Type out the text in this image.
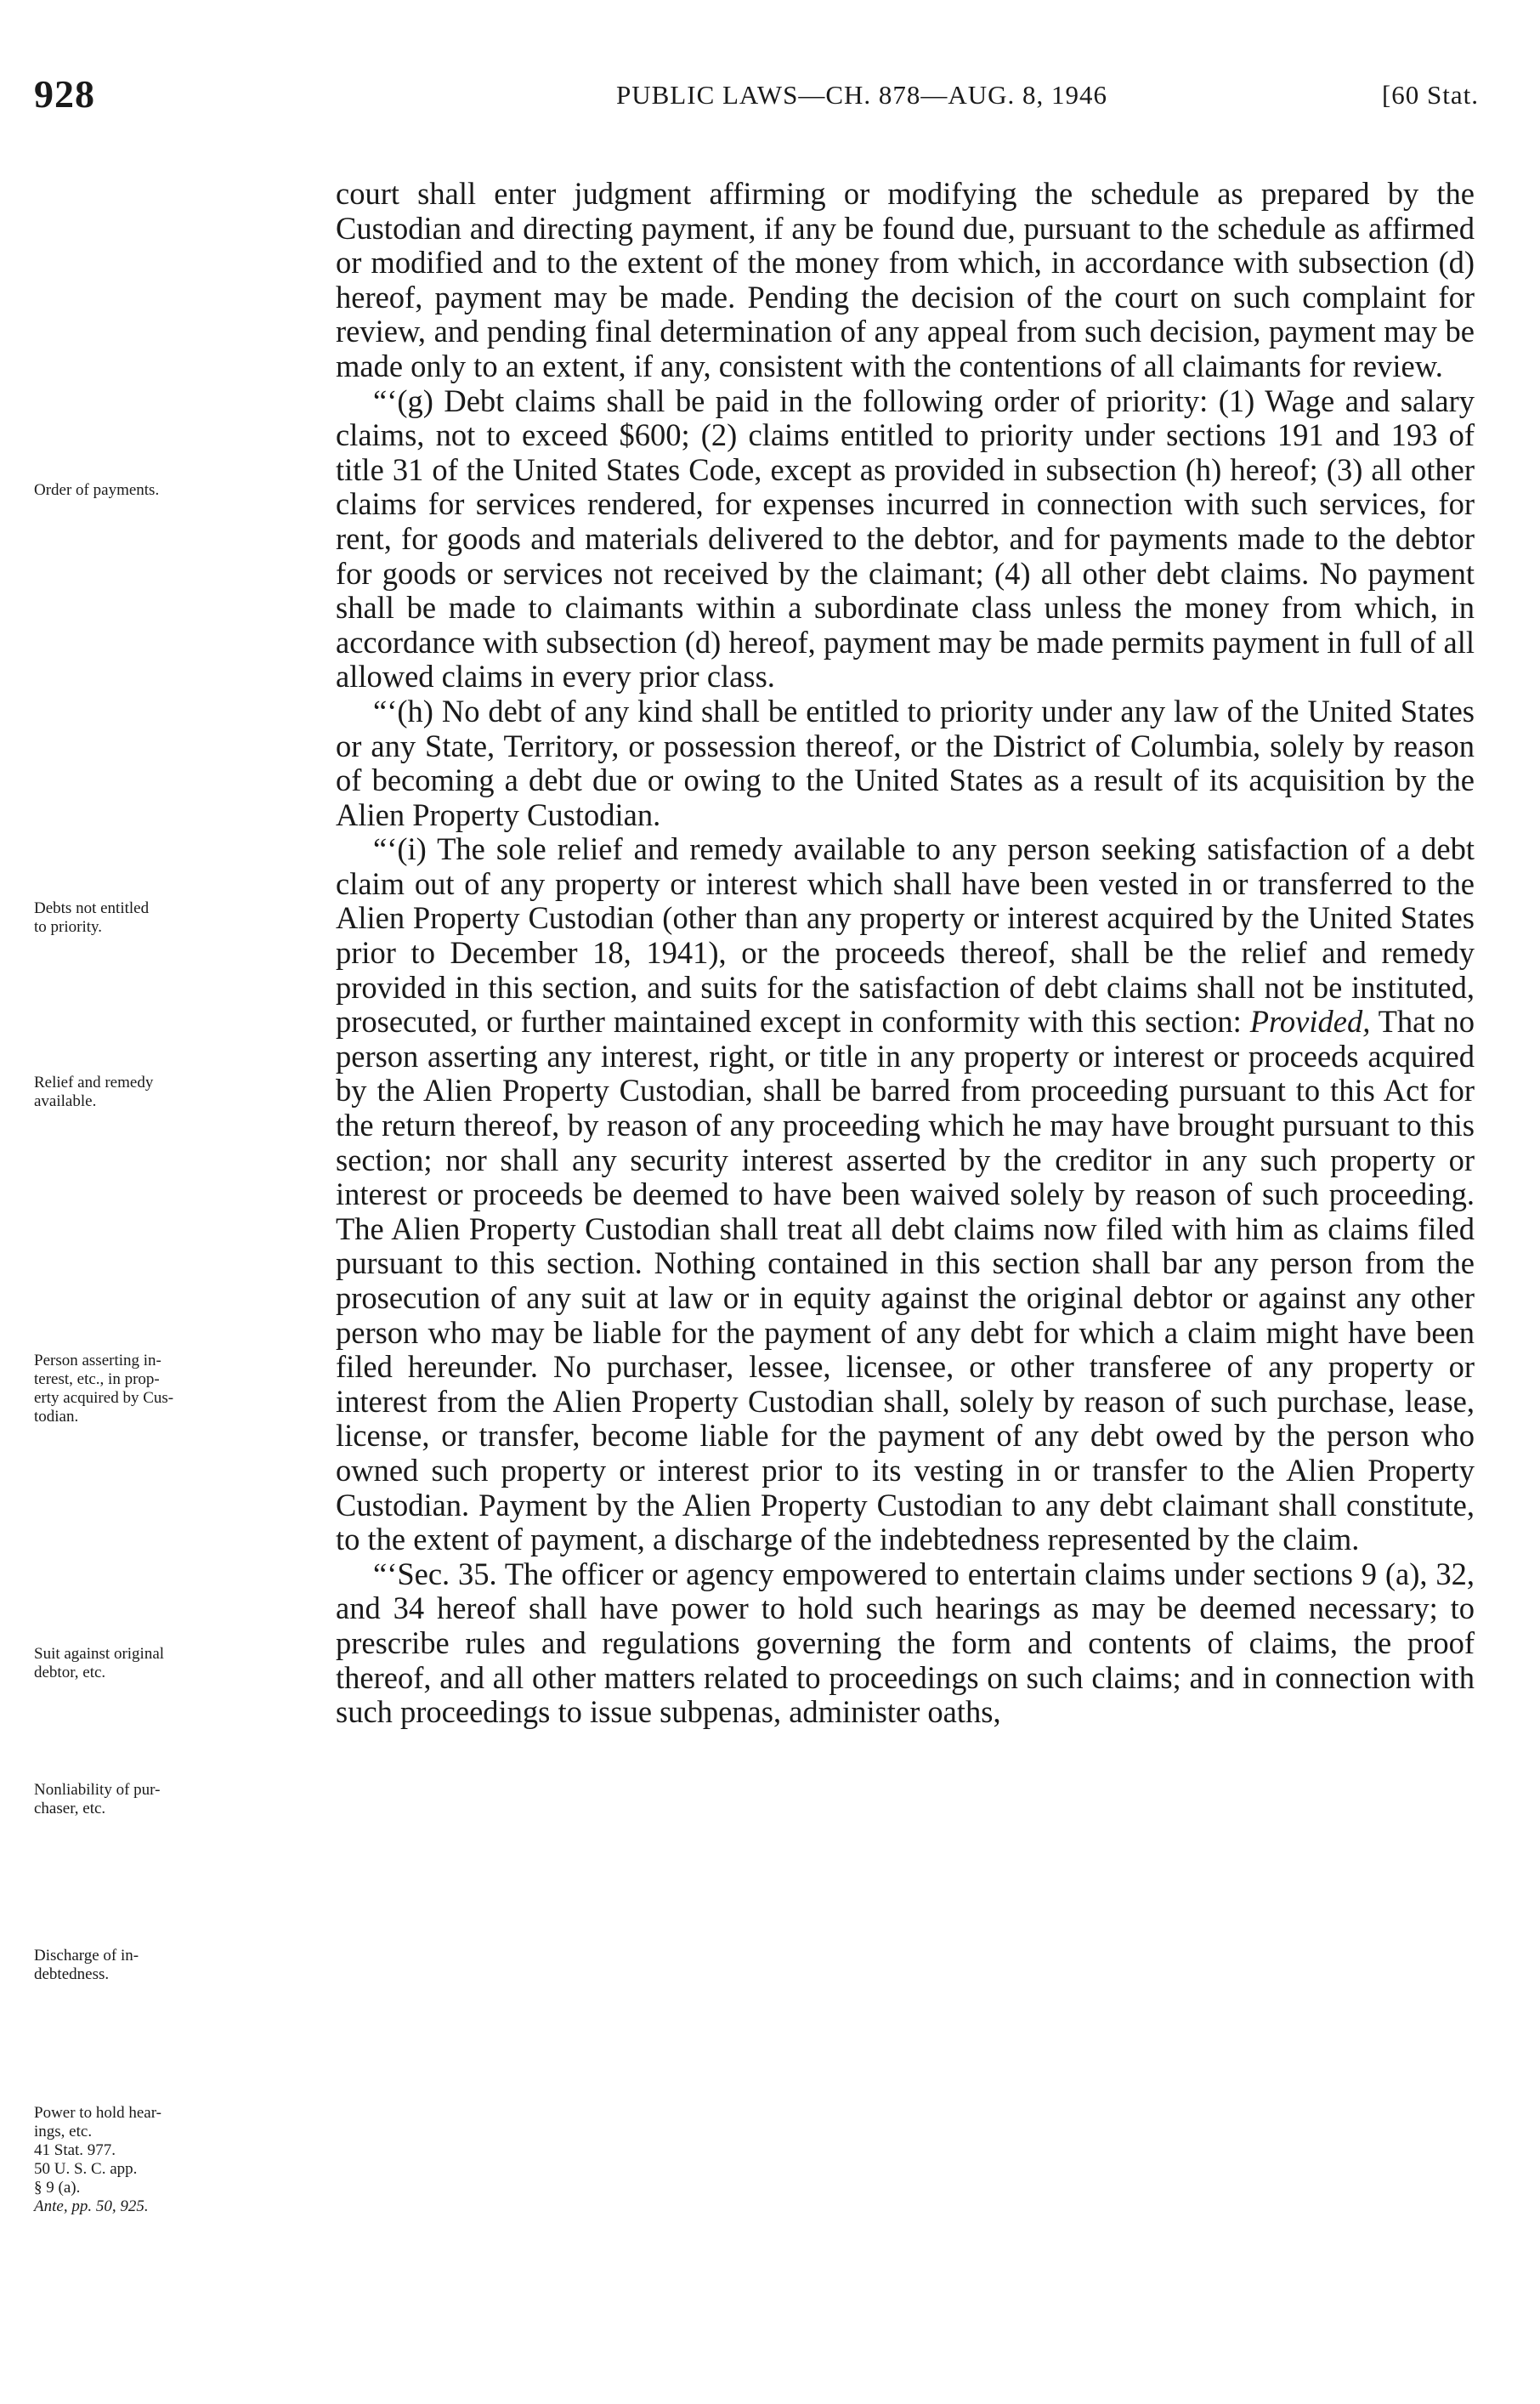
928	PUBLIC LAWS—CH. 878—AUG. 8, 1946	[60 Stat.
Order of payments.
Debts not entitled
to priority.
Relief and remedy
available.
Person asserting in-
terest, etc., in prop-
erty acquired by Cus-
todian.
Suit against original
debtor, etc.
Nonliability of pur-
chaser, etc.
Discharge of in-
debtedness.
Power to hold hear-
ings, etc.
41 Stat. 977.
50 U. S. C. app.
§ 9 (a).
Ante, pp. 50, 925.

court shall enter judgment affirming or modifying the schedule as prepared by the Custodian and directing payment, if any be found due, pursuant to the schedule as affirmed or modified and to the extent of the money from which, in accordance with subsection (d) hereof, payment may be made. Pending the decision of the court on such complaint for review, and pending final determination of any appeal from such decision, payment may be made only to an extent, if any, consistent with the contentions of all claimants for review.

“‘(g) Debt claims shall be paid in the following order of priority: (1) Wage and salary claims, not to exceed $600; (2) claims entitled to priority under sections 191 and 193 of title 31 of the United States Code, except as provided in subsection (h) hereof; (3) all other claims for services rendered, for expenses incurred in connection with such services, for rent, for goods and materials delivered to the debtor, and for payments made to the debtor for goods or services not received by the claimant; (4) all other debt claims. No payment shall be made to claimants within a subordinate class unless the money from which, in accordance with subsection (d) hereof, payment may be made permits payment in full of all allowed claims in every prior class.

“‘(h) No debt of any kind shall be entitled to priority under any law of the United States or any State, Territory, or possession thereof, or the District of Columbia, solely by reason of becoming a debt due or owing to the United States as a result of its acquisition by the Alien Property Custodian.

“‘(i) The sole relief and remedy available to any person seeking satisfaction of a debt claim out of any property or interest which shall have been vested in or transferred to the Alien Property Custodian (other than any property or interest acquired by the United States prior to December 18, 1941), or the proceeds thereof, shall be the relief and remedy provided in this section, and suits for the satisfaction of debt claims shall not be instituted, prosecuted, or further maintained except in conformity with this section: Provided, That no person asserting any interest, right, or title in any property or interest or proceeds acquired by the Alien Property Custodian, shall be barred from proceeding pursuant to this Act for the return thereof, by reason of any proceeding which he may have brought pursuant to this section; nor shall any security interest asserted by the creditor in any such property or interest or proceeds be deemed to have been waived solely by reason of such proceeding. The Alien Property Custodian shall treat all debt claims now filed with him as claims filed pursuant to this section. Nothing contained in this section shall bar any person from the prosecution of any suit at law or in equity against the original debtor or against any other person who may be liable for the payment of any debt for which a claim might have been filed hereunder. No purchaser, lessee, licensee, or other transferee of any property or interest from the Alien Property Custodian shall, solely by reason of such purchase, lease, license, or transfer, become liable for the payment of any debt owed by the person who owned such property or interest prior to its vesting in or transfer to the Alien Property Custodian. Payment by the Alien Property Custodian to any debt claimant shall constitute, to the extent of payment, a discharge of the indebtedness represented by the claim.

“‘Sec. 35. The officer or agency empowered to entertain claims under sections 9 (a), 32, and 34 hereof shall have power to hold such hearings as may be deemed necessary; to prescribe rules and regulations governing the form and contents of claims, the proof thereof, and all other matters related to proceedings on such claims; and in connection with such proceedings to issue subpenas, administer oaths,
